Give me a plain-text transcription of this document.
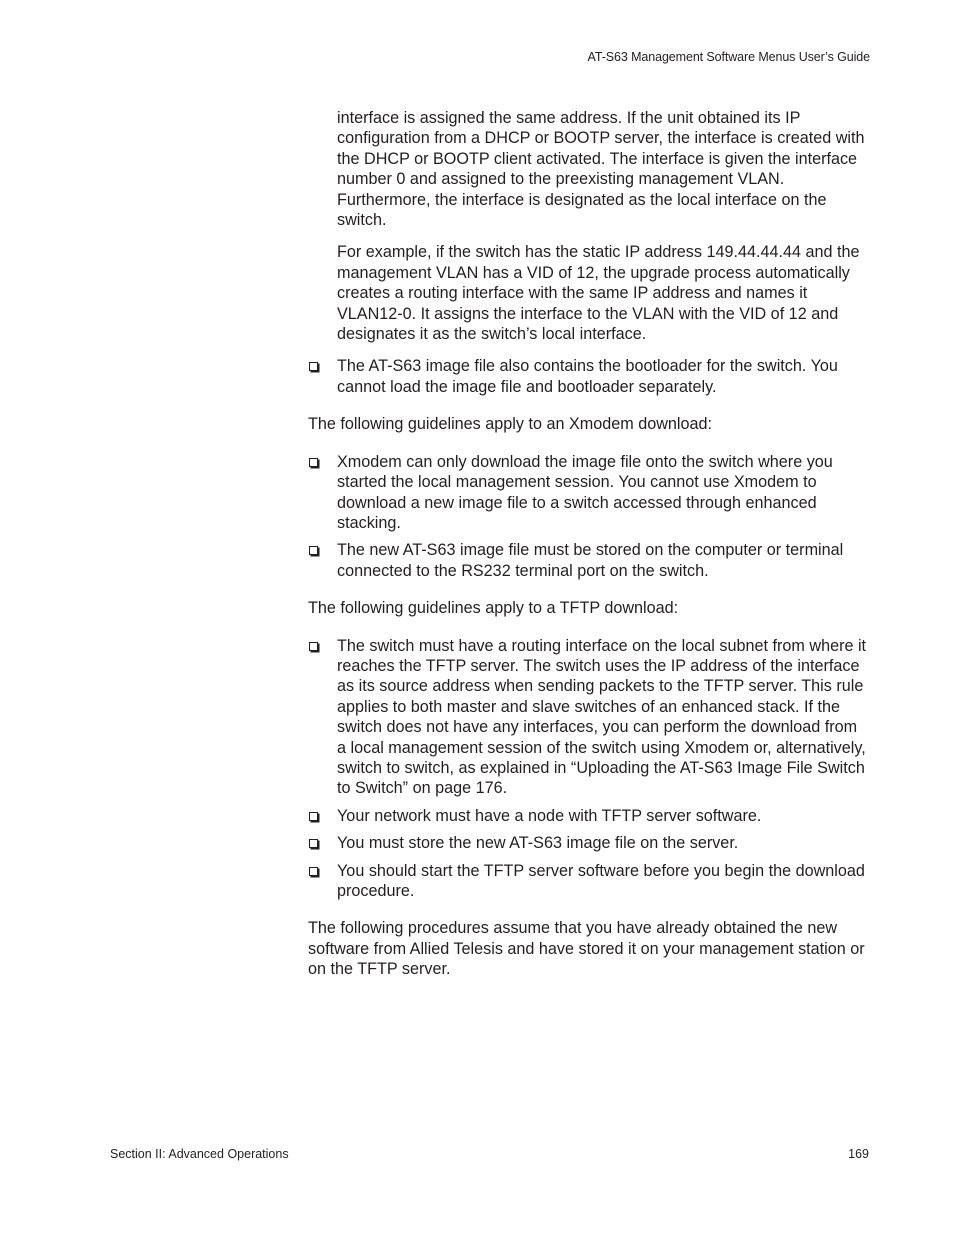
AT-S63 Management Software Menus User’s Guide

interface is assigned the same address. If the unit obtained its IP configuration from a DHCP or BOOTP server, the interface is created with the DHCP or BOOTP client activated. The interface is given the interface number 0 and assigned to the preexisting management VLAN. Furthermore, the interface is designated as the local interface on the switch.

For example, if the switch has the static IP address 149.44.44.44 and the management VLAN has a VID of 12, the upgrade process automatically creates a routing interface with the same IP address and names it VLAN12-0. It assigns the interface to the VLAN with the VID of 12 and designates it as the switch’s local interface.

The AT-S63 image file also contains the bootloader for the switch. You cannot load the image file and bootloader separately.

The following guidelines apply to an Xmodem download:

Xmodem can only download the image file onto the switch where you started the local management session. You cannot use Xmodem to download a new image file to a switch accessed through enhanced stacking.
The new AT-S63 image file must be stored on the computer or terminal connected to the RS232 terminal port on the switch.

The following guidelines apply to a TFTP download:

The switch must have a routing interface on the local subnet from where it reaches the TFTP server. The switch uses the IP address of the interface as its source address when sending packets to the TFTP server. This rule applies to both master and slave switches of an enhanced stack. If the switch does not have any interfaces, you can perform the download from a local management session of the switch using Xmodem or, alternatively, switch to switch, as explained in “Uploading the AT-S63 Image File Switch to Switch” on page 176.
Your network must have a node with TFTP server software.
You must store the new AT-S63 image file on the server.
You should start the TFTP server software before you begin the download procedure.

The following procedures assume that you have already obtained the new software from Allied Telesis and have stored it on your management station or on the TFTP server.

Section II: Advanced Operations	169
